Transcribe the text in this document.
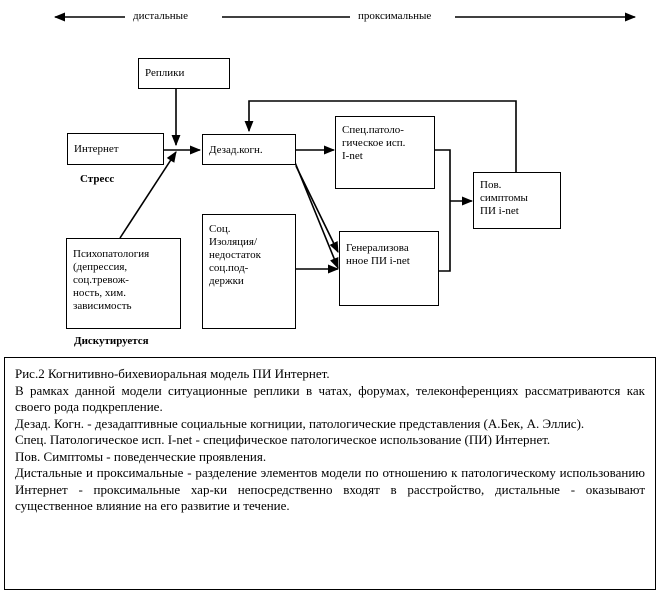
дистальные	проксимальные
Реплики
Интернет
Стресс
Дезад.когн.
Спец.патоло-
гическое исп.
I-net
Пов.
симптомы
ПИ i-net
Психопатология
(депрессия,
соц.тревож-
ность, хим.
зависимость
Дискутируется
Соц.
Изоляция/
недостаток
соц.под-
держки
Генерализова
нное ПИ i-net

Рис.2 Когнитивно-бихевиоральная модель ПИ Интернет.

В рамках данной модели ситуационные реплики в чатах, форумах, телеконференциях рассматриваются как своего рода подкрепление.

Дезад. Когн. - дезадаптивные социальные когниции, патологические представления (А.Бек, А. Эллис).

Спец. Патологическое исп. I-net - специфическое патологическое использование (ПИ) Интернет.

Пов. Симптомы - поведенческие проявления.

Дистальные и проксимальные - разделение элементов модели по отношению к патологическому использованию Интернет - проксимальные хар-ки непосредственно входят в расстройство, дистальные - оказывают существенное влияние на его развитие и течение.
